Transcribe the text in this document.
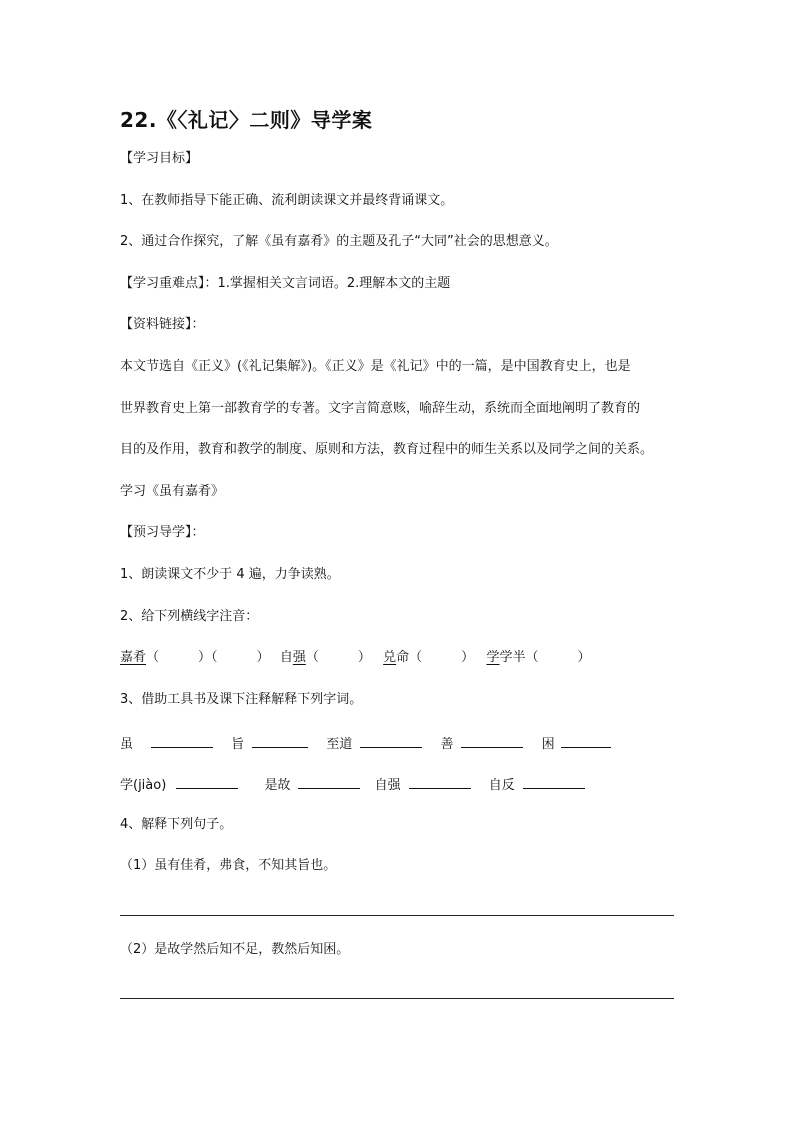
22.《〈礼记〉二则》导学案
【学习目标】
1、在教师指导下能正确、流利朗读课文并最终背诵课文。
2、通过合作探究，了解《虽有嘉肴》的主题及孔子“大同”社会的思想意义。
【学习重难点】：1.掌握相关文言词语。2.理解本文的主题
【资料链接】：
本文节选自《正义》(《礼记集解》)。《正义》是《礼记》中的一篇，是中国教育史上，也是
世界教育史上第一部教育学的专著。文字言简意赅，喻辞生动，系统而全面地阐明了教育的
目的及作用，教育和教学的制度、原则和方法，教育过程中的师生关系以及同学之间的关系。
学习《虽有嘉肴》
【预习导学】：
1、朗读课文不少于 4 遍，力争读熟。
2、给下列横线字注音：
嘉肴（　　　）（　　　） 自强（　　　） 兑命（　　　） 学学半（　　　）
3、借助工具书及课下注释解释下列字词。
虽	旨	至道	善	困
学(jiào)	是故	自强	自反
4、解释下列句子。
（1）虽有佳肴，弗食，不知其旨也。
（2）是故学然后知不足，教然后知困。
